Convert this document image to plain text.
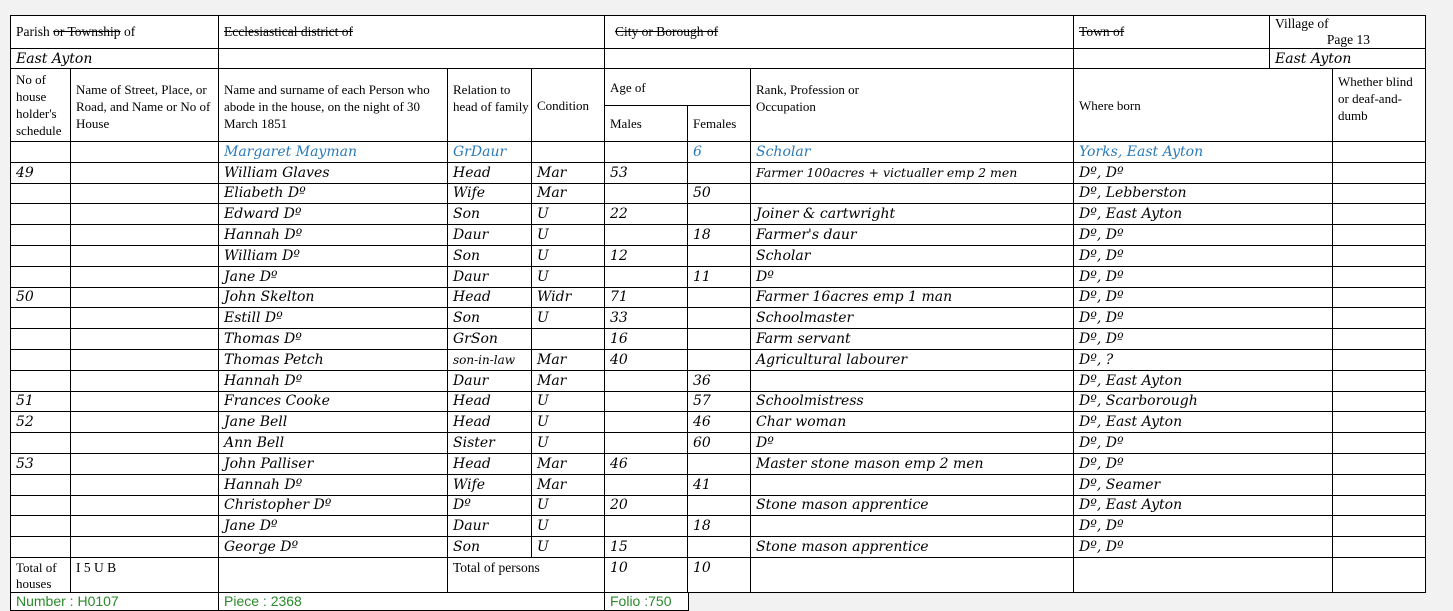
Parish or Township of	Ecclesiastical district of	City or Borough of		Town of	Village of
Page 13

East Ayton			
		East Ayton

No of house holder's schedule	Name of Street, Place, or Road, and Name or No of House	Name and surname of each Person who abode in the house, on the night of 30 March 1851	Relation to head of family	Condition	Age of	Rank, Profession or Occupation	Where born	Whether blind or deaf-and-dumb
Males	Females
		Margaret Mayman	GrDaur			6	Scholar	Yorks, East Ayton	
49		William Glaves	Head	Mar	53		Farmer 100acres + victualler emp 2 men	Dº, Dº	
		Eliabeth Dº	Wife	Mar		50		Dº, Lebberston	
		Edward Dº	Son	U	22		Joiner & cartwright	Dº, East Ayton	
		Hannah Dº	Daur	U		18	Farmer's daur	Dº, Dº	
		William Dº	Son	U	12		Scholar	Dº, Dº	
		Jane Dº	Daur	U		11	Dº	Dº, Dº	
50		John Skelton	Head	Widr	71		Farmer 16acres emp 1 man	Dº, Dº	
		Estill Dº	Son	U	33		Schoolmaster	Dº, Dº	
		Thomas Dº	GrSon		16		Farm servant	Dº, Dº	
		Thomas Petch	son-in-law	Mar	40		Agricultural labourer	Dº, ?	
		Hannah Dº	Daur	Mar		36		Dº, East Ayton	
51		Frances Cooke	Head	U		57	Schoolmistress	Dº, Scarborough	
52		Jane Bell	Head	U		46	Char woman	Dº, East Ayton	
		Ann Bell	Sister	U		60	Dº	Dº, Dº	
53		John Palliser	Head	Mar	46		Master stone mason emp 2 men	Dº, Dº	
		Hannah Dº	Wife	Mar		41		Dº, Seamer	
		Christopher Dº	Dº	U	20		Stone mason apprentice	Dº, East Ayton	
		Jane Dº	Daur	U		18		Dº, Dº	
		George Dº	Son	U	15		Stone mason apprentice	Dº, Dº	
Total of houses	I 5 U B		Total of persons	10	10			
Number : H0107	Piece : 2368	Folio :750
